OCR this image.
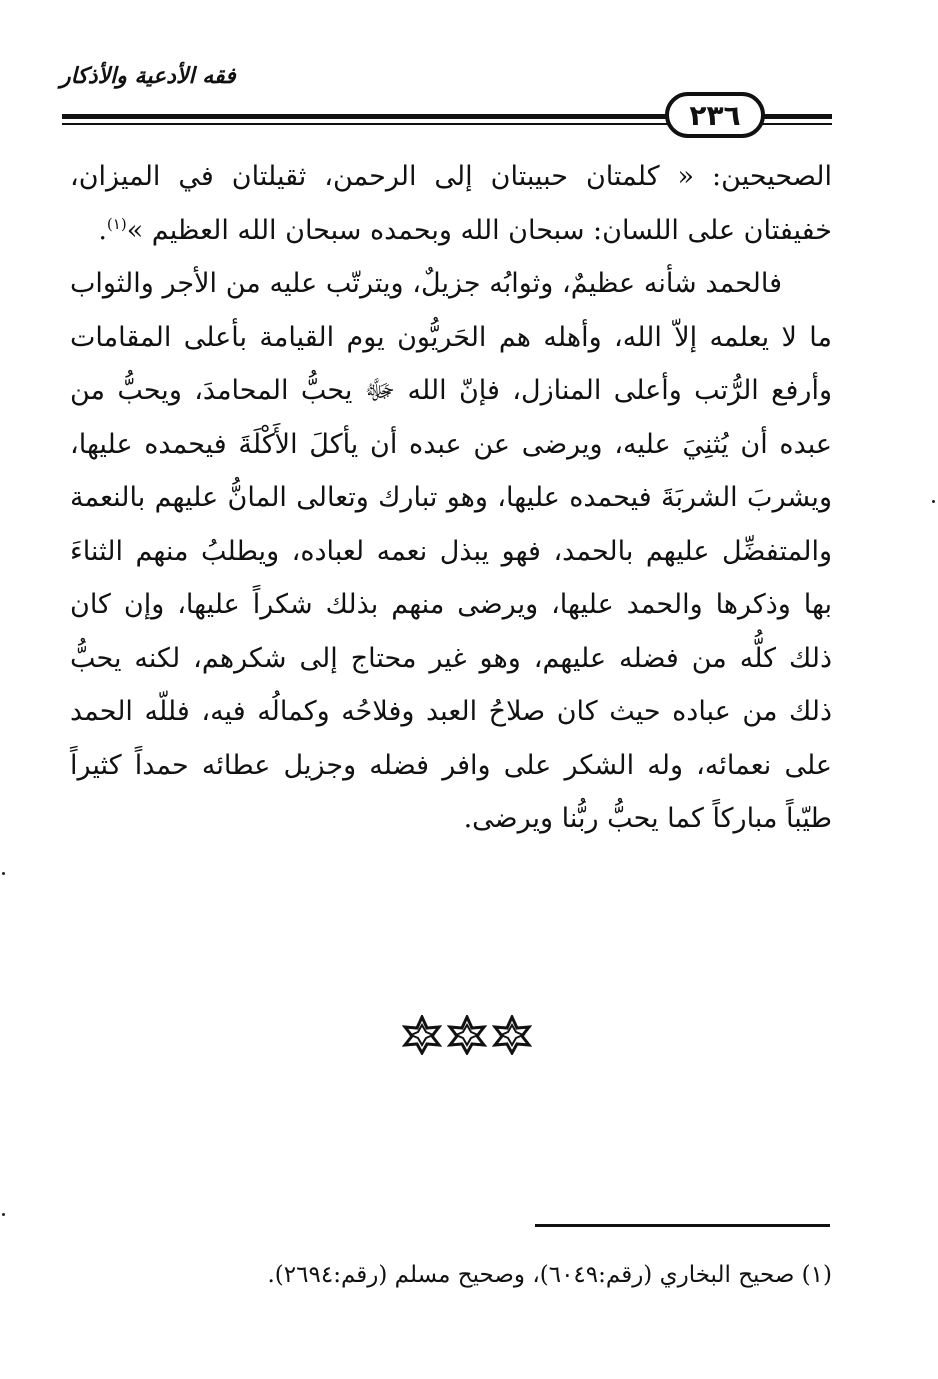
فقه الأدعية والأذكار
٢٣٦

الصحيحين: « كلمتان حبيبتان إلى الرحمن، ثقيلتان في الميزان، خفيفتان على اللسان: سبحان الله وبحمده سبحان الله العظيم »$^{(١)}$.

فالحمد شأنه عظيمٌ، وثوابُه جزيلٌ، ويترتّب عليه من الأجر والثواب ما لا يعلمه إلاّ الله، وأهله هم الحَريُّون يوم القيامة بأعلى المقامات وأرفع الرُّتب وأعلى المنازل، فإنّ الله ﷻ يحبُّ المحامدَ، ويحبُّ من عبده أن يُثنِيَ عليه، ويرضى عن عبده أن يأكلَ الأَكْلَةَ فيحمده عليها، ويشربَ الشربَةَ فيحمده عليها، وهو تبارك وتعالى المانُّ عليهم بالنعمة والمتفضِّل عليهم بالحمد، فهو يبذل نعمه لعباده، ويطلبُ منهم الثناءَ بها وذكرها والحمد عليها، ويرضى منهم بذلك شكراً عليها، وإن كان ذلك كلُّه من فضله عليهم، وهو غير محتاج إلى شكرهم، لكنه يحبُّ ذلك من عباده حيث كان صلاحُ العبد وفلاحُه وكمالُه فيه، فللّه الحمد على نعمائه، وله الشكر على وافر فضله وجزيل عطائه حمداً كثيراً طيّباً مباركاً كما يحبُّ ربُّنا ويرضى.

(١) صحيح البخاري (رقم:٦٠٤٩)، وصحيح مسلم (رقم:٢٦٩٤).
